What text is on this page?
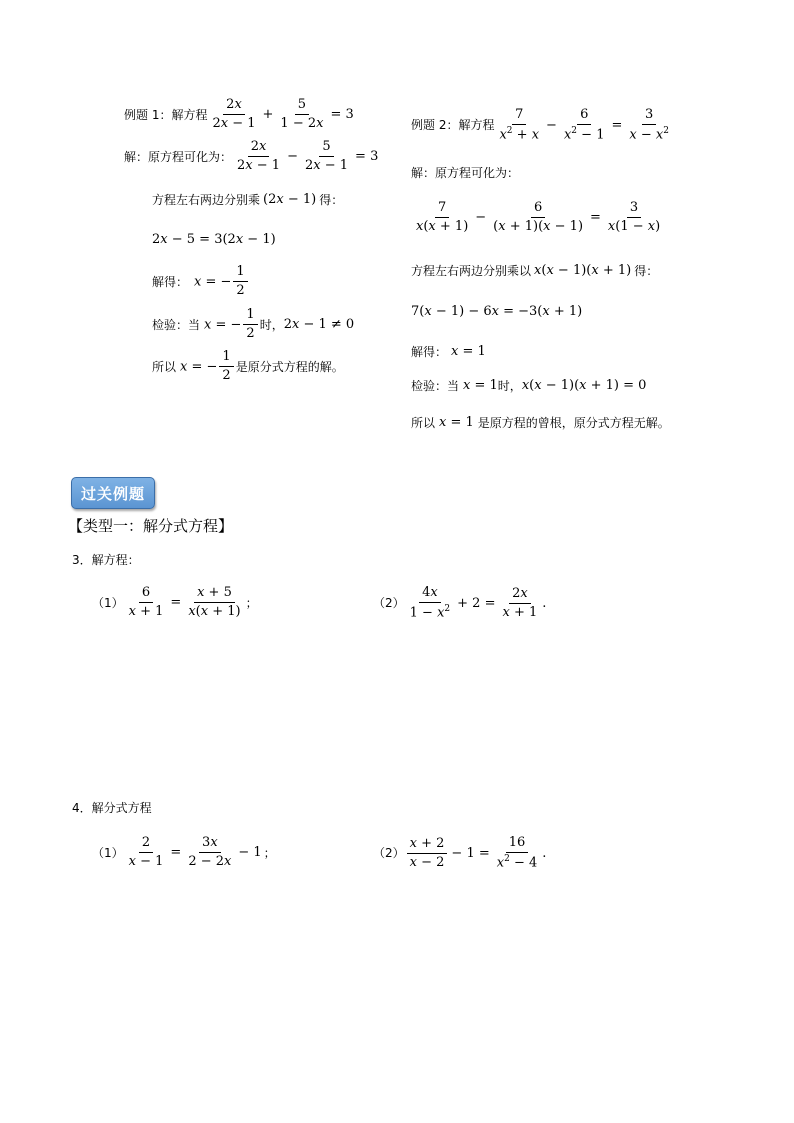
例题 1：解方程 $\frac{2x}{2x - 1} + \frac{5}{1 - 2x} = 3$
解：原方程可化为： $\frac{2x}{2x - 1} - \frac{5}{2x - 1} = 3$
方程左右两边分别乘 (2x − 1) 得：
2 x − 5 = 3(2 x − 1)
解得： x = − $\frac{1}{2}$
检验：当 x = − $\frac{1}{2}$ 时， 2x − 1 ≠ 0
所以 x = − $\frac{1}{2}$ 是原分式方程的解。
例题 2：解方程 $\frac{7}{x^2 + x} - \frac{6}{x^2 - 1} = \frac{3}{x - x^2}$
解：原方程可化为：
$\frac{7}{x(x + 1)} - \frac{6}{(x + 1)(x - 1)} = \frac{3}{x(1 - x)}$
方程左右两边分别乘以 x(x − 1)(x + 1) 得：
7( x − 1) − 6 x = −3( x + 1)
解得： x = 1
检验：当 x = 1 时， x(x − 1)(x + 1) = 0
所以 x = 1 是原方程的曾根，原分式方程无解。
过关例题
【类型一：解分式方程】
3．解方程：
$(1) \frac{6}{x + 1} = \frac{x + 5}{x(x + 1)}$ ；	$(2) \frac{4x}{1 - x^2} + 2 = \frac{2x}{x + 1}$ .
4．解分式方程
$(1) \frac{2}{x - 1} = \frac{3x}{2 - 2x} - 1$ ；	$(2) \frac{x + 2}{x - 2} - 1 = \frac{16}{x^2 - 4}$ .
